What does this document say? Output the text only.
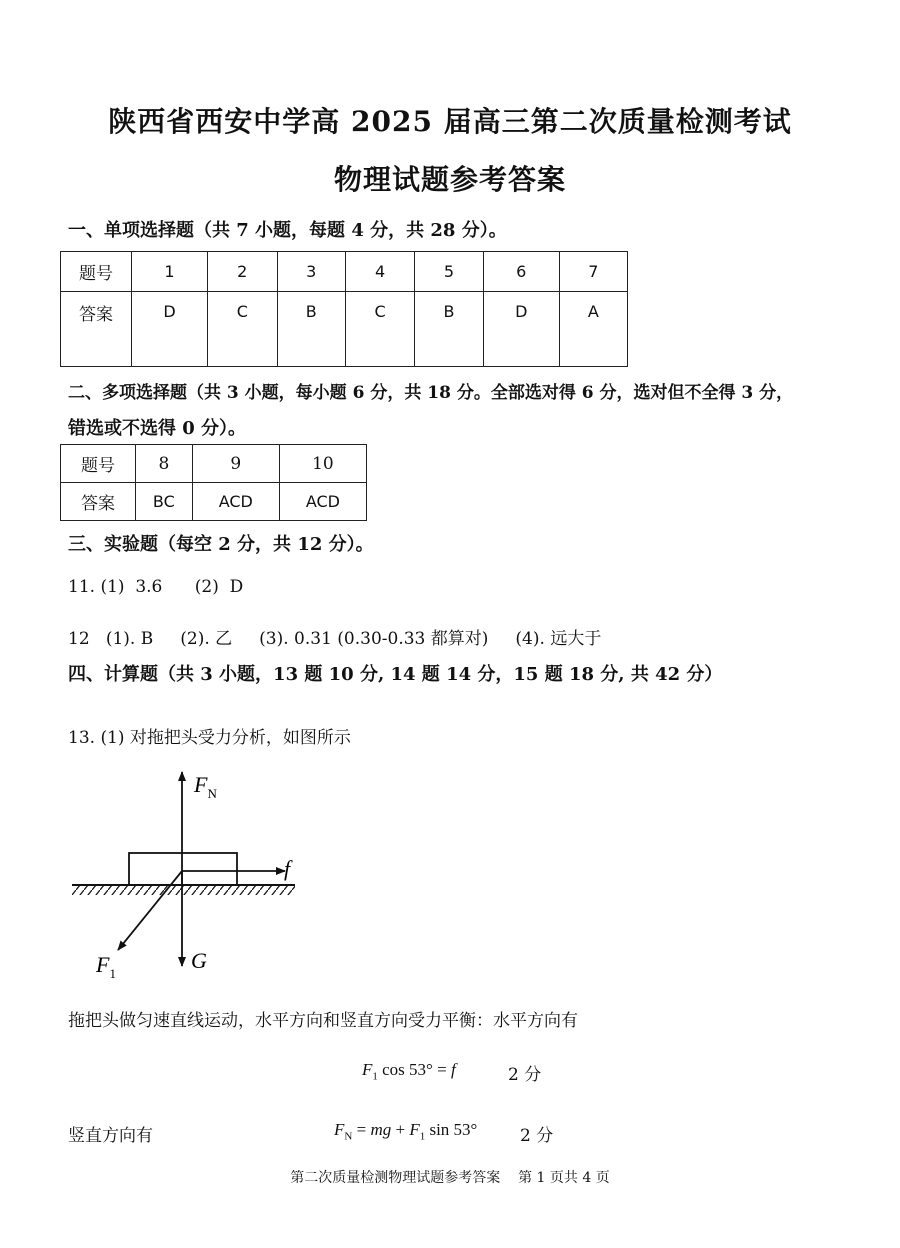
陕西省西安中学高 2025 届高三第二次质量检测考试
物理试题参考答案
一、单项选择题（共 7 小题，每题 4 分，共 28 分）。
题号	1	2	3	4	5	6	7
答案	D	C	B	C	B	D	A
二、多项选择题（共 3 小题，每小题 6 分，共 18 分。全部选对得 6 分，选对但不全得 3 分，
错选或不选得 0 分）。
题号	8	9	10
答案	BC	ACD	ACD
三、实验题（每空 2 分，共 12 分）。
11. (1)  3.6      (2)  D
12   (1). B     (2). 乙     (3). 0.31 (0.30-0.33 都算对)     (4). 远大于
四、计算题（共 3 小题，13 题 10 分, 14 题 14 分，15 题 18 分, 共 42 分）
13. (1) 对拖把头受力分析，如图所示
$F_N$
f
$F_1$
G
拖把头做匀速直线运动，水平方向和竖直方向受力平衡：水平方向有
$F_1$ cos 53° = f	2 分
竖直方向有	$F_N$ = mg + $F_1$ sin 53°	2 分
第二次质量检测物理试题参考答案    第 1 页共 4 页
